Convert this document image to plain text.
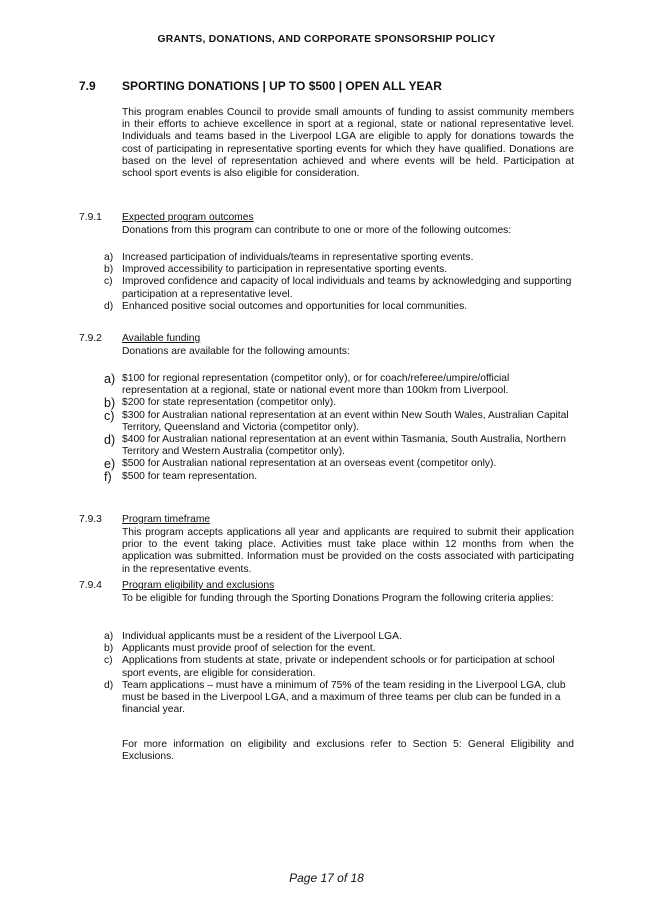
GRANTS, DONATIONS, AND CORPORATE SPONSORSHIP POLICY
7.9 SPORTING DONATIONS | UP TO $500 | OPEN ALL YEAR
This program enables Council to provide small amounts of funding to assist community members in their efforts to achieve excellence in sport at a regional, state or national representative level. Individuals and teams based in the Liverpool LGA are eligible to apply for donations towards the cost of participating in representative sporting events for which they have qualified. Donations are based on the level of representation achieved and where events will be held. Participation at school sport events is also eligible for consideration.
7.9.1 Expected program outcomes
Donations from this program can contribute to one or more of the following outcomes:
a) Increased participation of individuals/teams in representative sporting events.
b) Improved accessibility to participation in representative sporting events.
c) Improved confidence and capacity of local individuals and teams by acknowledging and supporting participation at a representative level.
d) Enhanced positive social outcomes and opportunities for local communities.
7.9.2 Available funding
Donations are available for the following amounts:
a) $100 for regional representation (competitor only), or for coach/referee/umpire/official representation at a regional, state or national event more than 100km from Liverpool.
b) $200 for state representation (competitor only).
c) $300 for Australian national representation at an event within New South Wales, Australian Capital Territory, Queensland and Victoria (competitor only).
d) $400 for Australian national representation at an event within Tasmania, South Australia, Northern Territory and Western Australia (competitor only).
e) $500 for Australian national representation at an overseas event (competitor only).
f)	$500 for team representation.
7.9.3 Program timeframe
This program accepts applications all year and applicants are required to submit their application prior to the event taking place. Activities must take place within 12 months from when the application was submitted. Information must be provided on the costs associated with participating in the representative events.
7.9.4 Program eligibility and exclusions
To be eligible for funding through the Sporting Donations Program the following criteria applies:
a) Individual applicants must be a resident of the Liverpool LGA.
b) Applicants must provide proof of selection for the event.
c) Applications from students at state, private or independent schools or for participation at school sport events, are eligible for consideration.
d) Team applications – must have a minimum of 75% of the team residing in the Liverpool LGA, club must be based in the Liverpool LGA, and a maximum of three teams per club can be funded in a financial year.
For more information on eligibility and exclusions refer to Section 5: General Eligibility and Exclusions.
Page 17 of 18
